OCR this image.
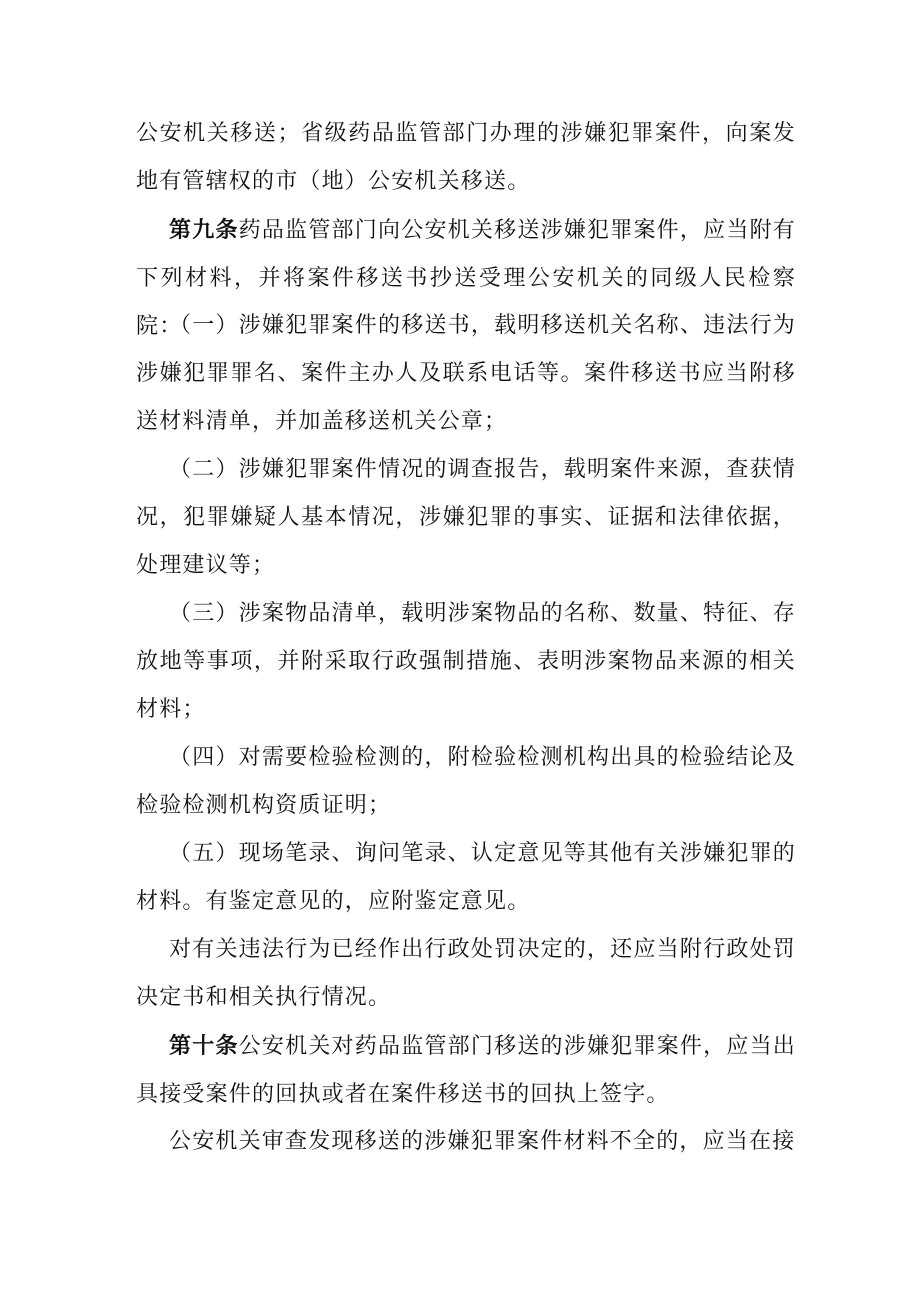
公安机关移送；省级药品监管部门办理的涉嫌犯罪案件，向案发地有管辖权的市（地）公安机关移送。

第九条药品监管部门向公安机关移送涉嫌犯罪案件，应当附有下列材料，并将案件移送书抄送受理公安机关的同级人民检察院：

（一）涉嫌犯罪案件的移送书，载明移送机关名称、违法行为涉嫌犯罪罪名、案件主办人及联系电话等。案件移送书应当附移送材料清单，并加盖移送机关公章；

（二）涉嫌犯罪案件情况的调查报告，载明案件来源，查获情况，犯罪嫌疑人基本情况，涉嫌犯罪的事实、证据和法律依据，处理建议等；

（三）涉案物品清单，载明涉案物品的名称、数量、特征、存放地等事项，并附采取行政强制措施、表明涉案物品来源的相关材料；

（四）对需要检验检测的，附检验检测机构出具的检验结论及检验检测机构资质证明；

（五）现场笔录、询问笔录、认定意见等其他有关涉嫌犯罪的材料。有鉴定意见的，应附鉴定意见。

对有关违法行为已经作出行政处罚决定的，还应当附行政处罚决定书和相关执行情况。

第十条公安机关对药品监管部门移送的涉嫌犯罪案件，应当出具接受案件的回执或者在案件移送书的回执上签字。

公安机关审查发现移送的涉嫌犯罪案件材料不全的，应当在接
